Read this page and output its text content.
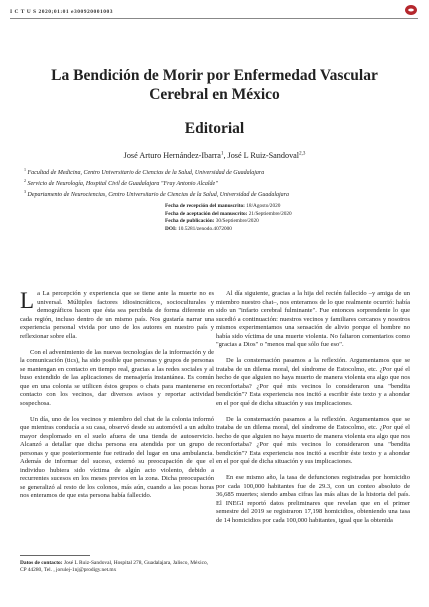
I C T U S 2020;01:01 e300920001003
La Bendición de Morir por Enfermedad Vascular Cerebral en México
Editorial
José Arturo Hernández-Ibarra$^1$, José L Ruiz-Sandoval$^{2,3}$
$^1$ Facultad de Medicina, Centro Universitario de Ciencias de la Salud, Universidad de Guadalajara
$^2$ Servicio de Neurología, Hospital Civil de Guadalajara "Fray Antonio Alcalde"
$^3$ Departamento de Neurociencias, Centro Universitario de Ciencias de la Salud, Universidad de Guadalajara
Fecha de recepción del manuscrito: 18/Agosto/2020
Fecha de aceptación del manuscrito: 21/Septiembre/2020
Fecha de publicación: 30/Septiembre/2020
DOI: 10.5281/zenodo.4072000

La La percepción y experiencia que se tiene ante la muerte no es universal. Múltiples factores idiosincráticos, socioculturales y demográficos hacen que ésta sea percibida de forma diferente en cada región, incluso dentro de un mismo país. Nos gustaría narrar una experiencia personal vivida por uno de los autores en nuestro país y reflexionar sobre ella.

Con el advenimiento de las nuevas tecnologías de la información y de la comunicación (tics), ha sido posible que personas y grupos de personas se mantengan en contacto en tiempo real, gracias a las redes sociales y al buso extendido de las aplicaciones de mensajería instantánea. Es común que en una colonia se utilicen éstos grupos o chats para mantenerse en contacto con los vecinos, dar diversos avisos y reportar actividad sospechosa.

Un día, uno de los vecinos y miembro del chat de la colonia informó que mientras conducía a su casa, observó desde su automóvil a un adulto mayor desplomado en el suelo afuera de una tienda de autoservicio. Alcanzó a detallar que dicha persona era atendida por un grupo de personas y que posteriormente fue retirado del lugar en una ambulancia. Además de informar del suceso, externó su preocupación de que el individuo hubiera sido víctima de algún acto violento, debido a recurrentes sucesos en los meses previos en la zona. Dicha preocupación se generalizó al resto de los colonos, más aún, cuando a las pocas horas nos enteramos de que esta persona había fallecido.

Datos de contacto: José L Ruiz-Sandoval, Hospital 278, Guadalajara, Jalisco, México, CP 44280, Tel. , jorulej-1nj@prodigy.net.mx

Al día siguiente, gracias a la hija del recién fallecido –y amiga de un miembro nuestro chat–, nos enteramos de lo que realmente ocurrió: había sido un "infarto cerebral fulminante". Fue entonces sorprendente lo que sucedió a continuación: nuestros vecinos y familiares cercanos y nosotros mismos experimentamos una sensación de alivio porque el hombre no había sido víctima de una muerte violenta. No faltaron comentarios como "gracias a Dios" o "menos mal que sólo fue eso".

De la consternación pasamos a la reflexión. Argumentamos que se trataba de un dilema moral, del síndrome de Estocolmo, etc. ¿Por qué el hecho de que alguien no haya muerto de manera violenta era algo que nos reconfortaba? ¿Por qué mis vecinos lo consideraron una "bendita bendición"? Esta experiencia nos incitó a escribir éste texto y a ahondar en el por qué de dicha situación y sus implicaciones.

De la consternación pasamos a la reflexión. Argumentamos que se trataba de un dilema moral, del síndrome de Estocolmo, etc. ¿Por qué el hecho de que alguien no haya muerto de manera violenta era algo que nos reconfortaba? ¿Por qué mis vecinos lo consideraron una "bendita bendición"? Esta experiencia nos incitó a escribir éste texto y a ahondar en el por qué de dicha situación y sus implicaciones.

En ese mismo año, la tasa de defunciones registradas por homicidio por cada 100,000 habitantes fue de 29.3, con un conteo absoluto de 36,685 muertes; siendo ambas cifras las más altas de la historia del país. El INEGI reportó datos preliminares que revelan que en el primer semestre del 2019 se registraron 17,198 homicidios, obteniendo una tasa de 14 homicidios por cada 100,000 habitantes, igual que la obtenida
